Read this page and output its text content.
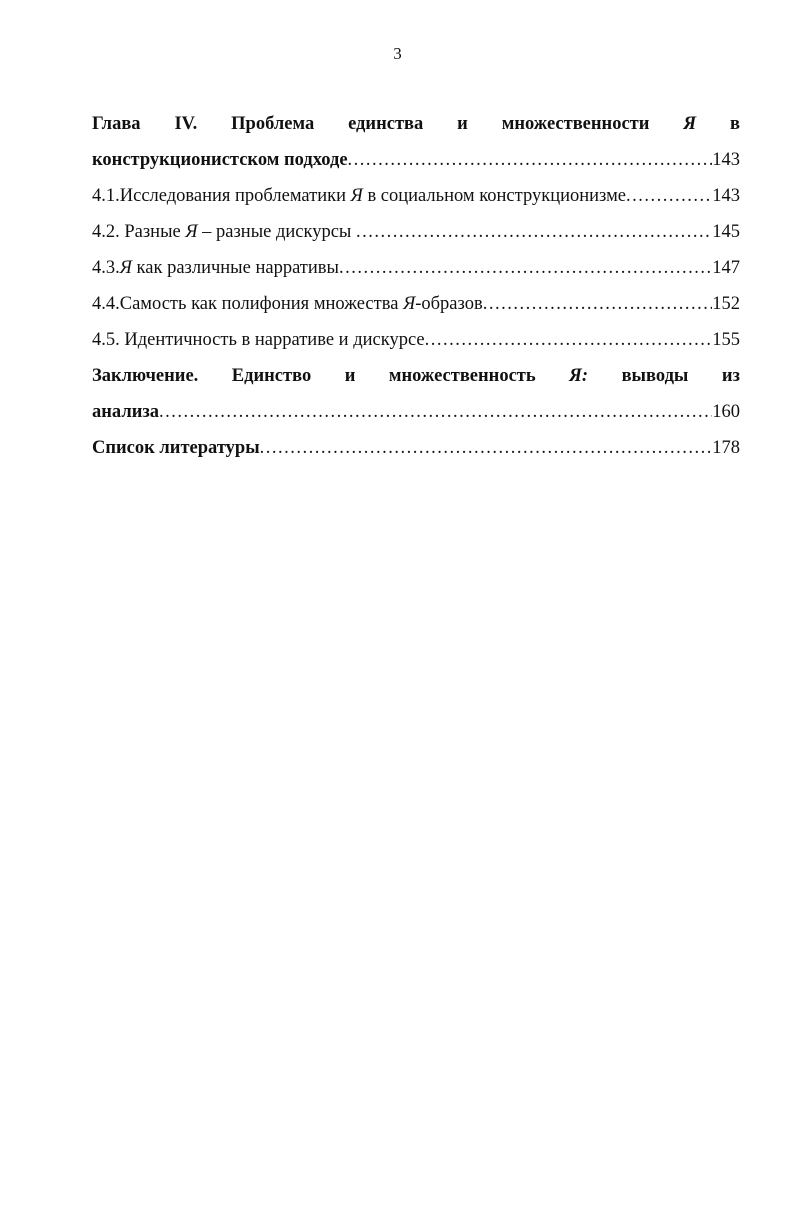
3
Глава IV. Проблема единства и множественности Я в
конструкционистском подходе .....	143
4.1.Исследования проблематики Я в социальном конструкционизме .....	143
4.2. Разные Я – разные дискурсы .....	145
4.3. Я как различные нарративы .....	147
4.4.Самость как полифония множества Я -образов .....	152
4.5. Идентичность в нарративе и дискурсе .....	155
Заключение. Единство и множественность Я: выводы из
анализа .....	160
Список литературы .....	178
